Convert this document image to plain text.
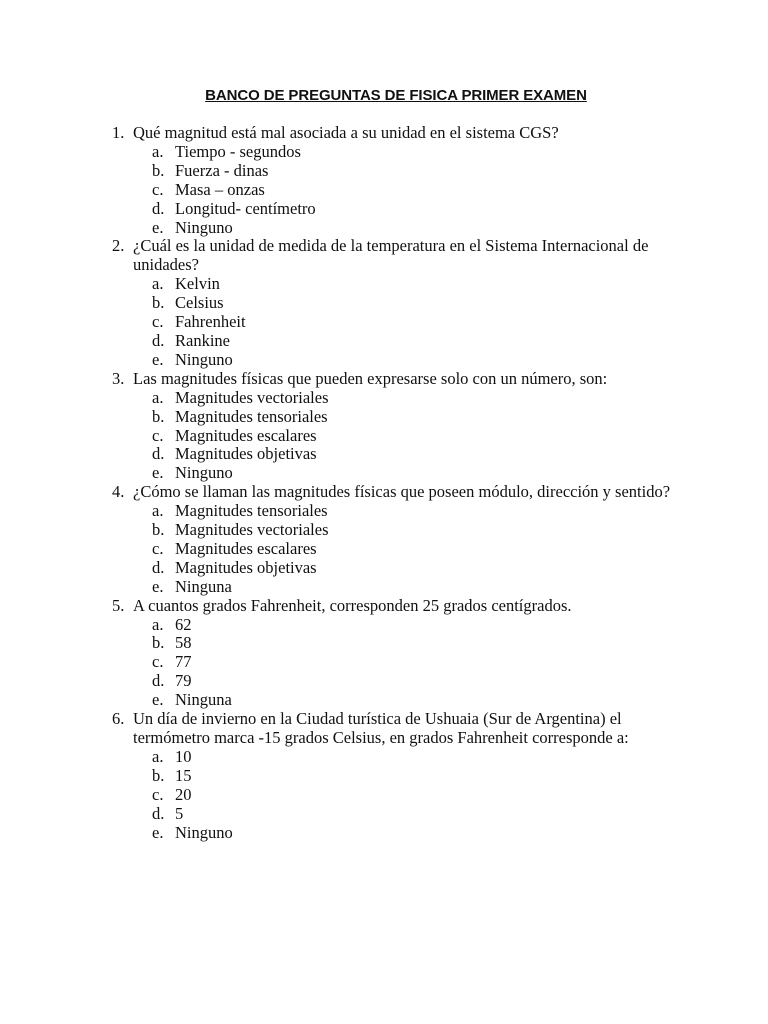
BANCO DE PREGUNTAS DE FISICA PRIMER EXAMEN
1. Qué magnitud está mal asociada a su unidad en el sistema CGS?
a. Tiempo - segundos
b. Fuerza - dinas
c. Masa – onzas
d. Longitud- centímetro
e. Ninguno
2. ¿Cuál es la unidad de medida de la temperatura en el Sistema Internacional de unidades?
a. Kelvin
b. Celsius
c. Fahrenheit
d. Rankine
e. Ninguno
3. Las magnitudes físicas que pueden expresarse solo con un número, son:
a. Magnitudes vectoriales
b. Magnitudes tensoriales
c. Magnitudes escalares
d. Magnitudes objetivas
e. Ninguno
4. ¿Cómo se llaman las magnitudes físicas que poseen módulo, dirección y sentido?
a. Magnitudes tensoriales
b. Magnitudes vectoriales
c. Magnitudes escalares
d. Magnitudes objetivas
e. Ninguna
5. A cuantos grados Fahrenheit, corresponden 25 grados centígrados.
a. 62
b. 58
c. 77
d. 79
e. Ninguna
6. Un día de invierno en la Ciudad turística de Ushuaia (Sur de Argentina) el termómetro marca -15 grados Celsius, en grados Fahrenheit corresponde a:
a. 10
b. 15
c. 20
d. 5
e. Ninguno
